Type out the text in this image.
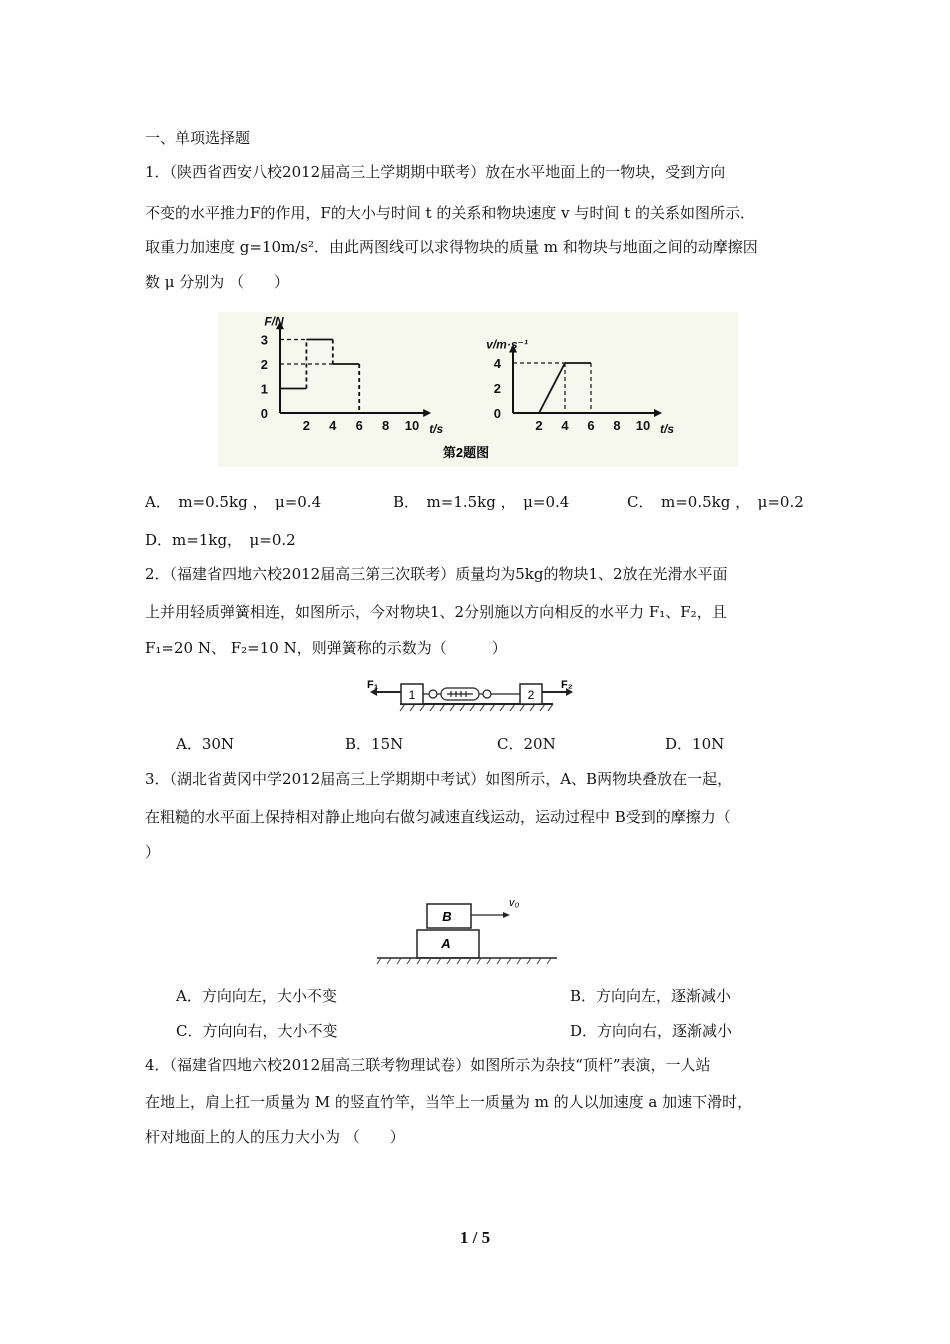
一、单项选择题
1．（陕西省西安八校2012届高三上学期期中联考）放在水平地面上的一物块，受到方向
不变的水平推力F的作用，F的大小与时间 t 的关系和物块速度 v 与时间 t 的关系如图所示．
取重力加速度 g=10m/s²．由此两图线可以求得物块的质量 m 和物块与地面之间的动摩擦因
数 μ 分别为 （　　）
2 4 6 8 10
0
1
2
3
t/s
F/N
2 4 6 8 10
0
2
4
t/s
v/m·s⁻¹
第2题图
A．　m=0.5kg ，　μ=0.4	B．　m=1.5kg ，　μ=0.4	C．　m=0.5kg ，　μ=0.2
D．m=1kg，　μ=0.2
2．（福建省四地六校2012届高三第三次联考）质量均为5kg的物块1、2放在光滑水平面
上并用轻质弹簧相连，如图所示，今对物块1、2分别施以方向相反的水平力 F₁、F₂，且
F₁=20 N、 F₂=10 N，则弹簧称的示数为（　　　）
1	2
F₁	F₂
A．30N	B．15N	C．20N	D．10N
3．（湖北省黄冈中学2012届高三上学期期中考试）如图所示，A、B两物块叠放在一起，
在粗糙的水平面上保持相对静止地向右做匀减速直线运动，运动过程中 B受到的摩擦力（
）
A
B
v₀
A．方向向左，大小不变	B．方向向左，逐渐减小
C．方向向右，大小不变	D．方向向右，逐渐减小
4．（福建省四地六校2012届高三联考物理试卷）如图所示为杂技“顶杆”表演，一人站
在地上，肩上扛一质量为 M 的竖直竹竿，当竿上一质量为 m 的人以加速度 a 加速下滑时，
杆对地面上的人的压力大小为 （　　）
1 / 5
